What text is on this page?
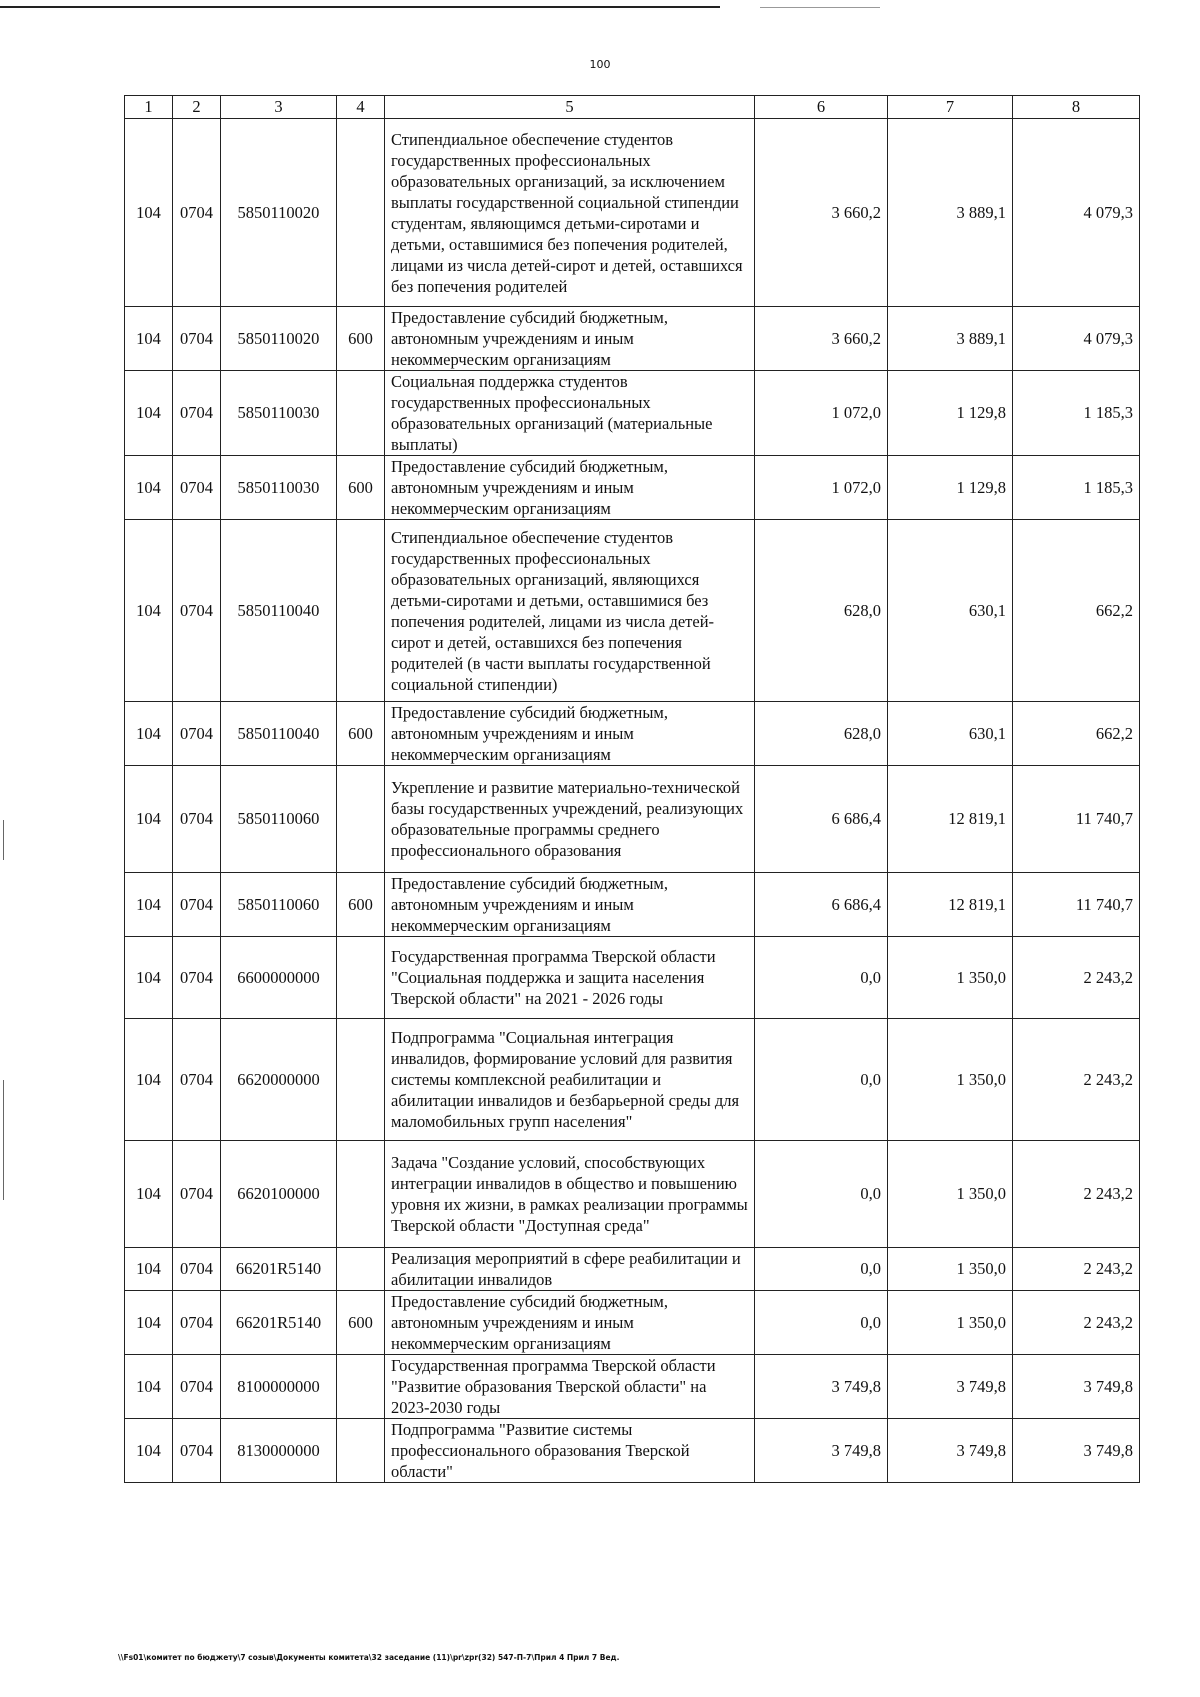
100
1	2	3	4	5	6	7	8
104	0704	5850110020		Стипендиальное обеспечение студентов государственных профессиональных образовательных организаций, за исключением выплаты государственной социальной стипендии студентам, являющимся детьми-сиротами и детьми, оставшимися без попечения родителей, лицами из числа детей-сирот и детей, оставшихся без попечения родителей	3 660,2	3 889,1	4 079,3
104	0704	5850110020	600	Предоставление субсидий бюджетным, автономным учреждениям и иным некоммерческим организациям	3 660,2	3 889,1	4 079,3
104	0704	5850110030		Социальная поддержка студентов государственных профессиональных образовательных организаций (материальные выплаты)	1 072,0	1 129,8	1 185,3
104	0704	5850110030	600	Предоставление субсидий бюджетным, автономным учреждениям и иным некоммерческим организациям	1 072,0	1 129,8	1 185,3
104	0704	5850110040		Стипендиальное обеспечение студентов государственных профессиональных образовательных организаций, являющихся детьми-сиротами и детьми, оставшимися без попечения родителей, лицами из числа детей-сирот и детей, оставшихся без попечения родителей (в части выплаты государственной социальной стипендии)	628,0	630,1	662,2
104	0704	5850110040	600	Предоставление субсидий бюджетным, автономным учреждениям и иным некоммерческим организациям	628,0	630,1	662,2
104	0704	5850110060		Укрепление и развитие материально-технической базы государственных учреждений, реализующих образовательные программы среднего профессионального образования	6 686,4	12 819,1	11 740,7
104	0704	5850110060	600	Предоставление субсидий бюджетным, автономным учреждениям и иным некоммерческим организациям	6 686,4	12 819,1	11 740,7
104	0704	6600000000		Государственная программа Тверской области "Социальная поддержка и защита населения Тверской области" на 2021 - 2026 годы	0,0	1 350,0	2 243,2
104	0704	6620000000		Подпрограмма "Социальная интеграция инвалидов, формирование условий для развития системы комплексной реабилитации и абилитации инвалидов и безбарьерной среды для маломобильных групп населения"	0,0	1 350,0	2 243,2
104	0704	6620100000		Задача "Создание условий, способствующих интеграции инвалидов в общество и повышению уровня их жизни, в рамках реализации программы Тверской области "Доступная среда"	0,0	1 350,0	2 243,2
104	0704	66201R5140		Реализация мероприятий в сфере реабилитации и абилитации инвалидов	0,0	1 350,0	2 243,2
104	0704	66201R5140	600	Предоставление субсидий бюджетным, автономным учреждениям и иным некоммерческим организациям	0,0	1 350,0	2 243,2
104	0704	8100000000		Государственная программа Тверской области "Развитие образования Тверской области" на 2023-2030 годы	3 749,8	3 749,8	3 749,8
104	0704	8130000000		Подпрограмма "Развитие системы профессионального образования Тверской области"	3 749,8	3 749,8	3 749,8
\\Fs01\комитет по бюджету\7 созыв\Документы комитета\32 заседание (11)\pr\zpr(32) 547-П-7\Прил 4 Прил 7 Вед.
